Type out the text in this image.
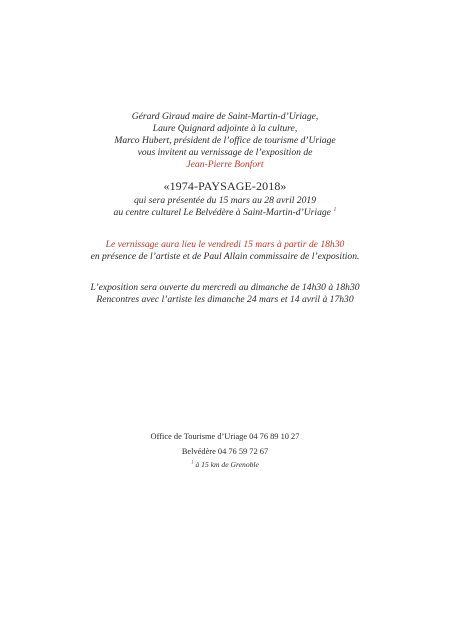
Gérard Giraud maire de Saint-Martin-d’Uriage,
Laure Quignard adjointe à la culture,
Marco Hubert, président de l’office de tourisme d’Uriage
vous invitent au vernissage de l’exposition de
Jean-Pierre Bonfort
«1974-PAYSAGE-2018»
qui sera présentée du 15 mars au 28 avril 2019
au centre culturel Le Belvédère à Saint-Martin-d’Uriage $^1$
Le vernissage aura lieu le vendredi 15 mars à partir de 18h30
en présence de l’artiste et de Paul Allain commissaire de l’exposition.
L’exposition sera ouverte du mercredi au dimanche de 14h30 à 18h30
Rencontres avec l’artiste les dimanche 24 mars et 14 avril à 17h30
Office de Tourisme d’Uriage 04 76 89 10 27
Belvédère 04 76 59 72 67
$^1$ à 15 km de Grenoble
